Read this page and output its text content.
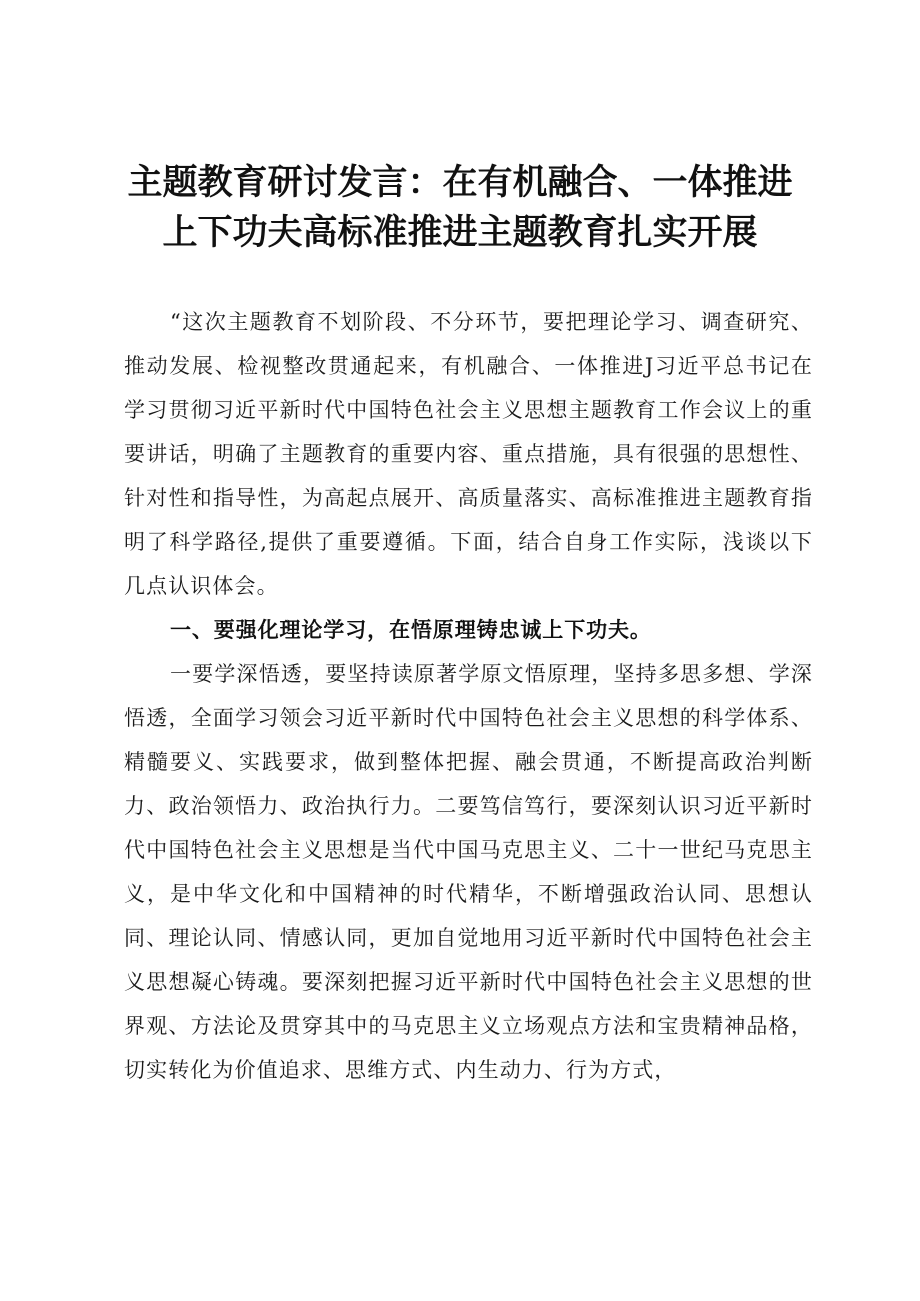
主题教育研讨发言：在有机融合、一体推进
上下功夫高标准推进主题教育扎实开展

“这次主题教育不划阶段、不分环节，要把理论学习、调查研究、推动发展、检视整改贯通起来，有机融合、一体推进J习近平总书记在学习贯彻习近平新时代中国特色社会主义思想主题教育工作会议上的重要讲话，明确了主题教育的重要内容、重点措施，具有很强的思想性、针对性和指导性，为高起点展开、高质量落实、高标准推进主题教育指明了科学路径,提供了重要遵循。下面，结合自身工作实际，浅谈以下几点认识体会。

一、要强化理论学习，在悟原理铸忠诚上下功夫。

一要学深悟透，要坚持读原著学原文悟原理，坚持多思多想、学深悟透，全面学习领会习近平新时代中国特色社会主义思想的科学体系、精髓要义、实践要求，做到整体把握、融会贯通，不断提高政治判断力、政治领悟力、政治执行力。二要笃信笃行，要深刻认识习近平新时代中国特色社会主义思想是当代中国马克思主义、二十一世纪马克思主义，是中华文化和中国精神的时代精华，不断增强政治认同、思想认同、理论认同、情感认同，更加自觉地用习近平新时代中国特色社会主义思想凝心铸魂。要深刻把握习近平新时代中国特色社会主义思想的世界观、方法论及贯穿其中的马克思主义立场观点方法和宝贵精神品格，切实转化为价值追求、思维方式、内生动力、行为方式，
